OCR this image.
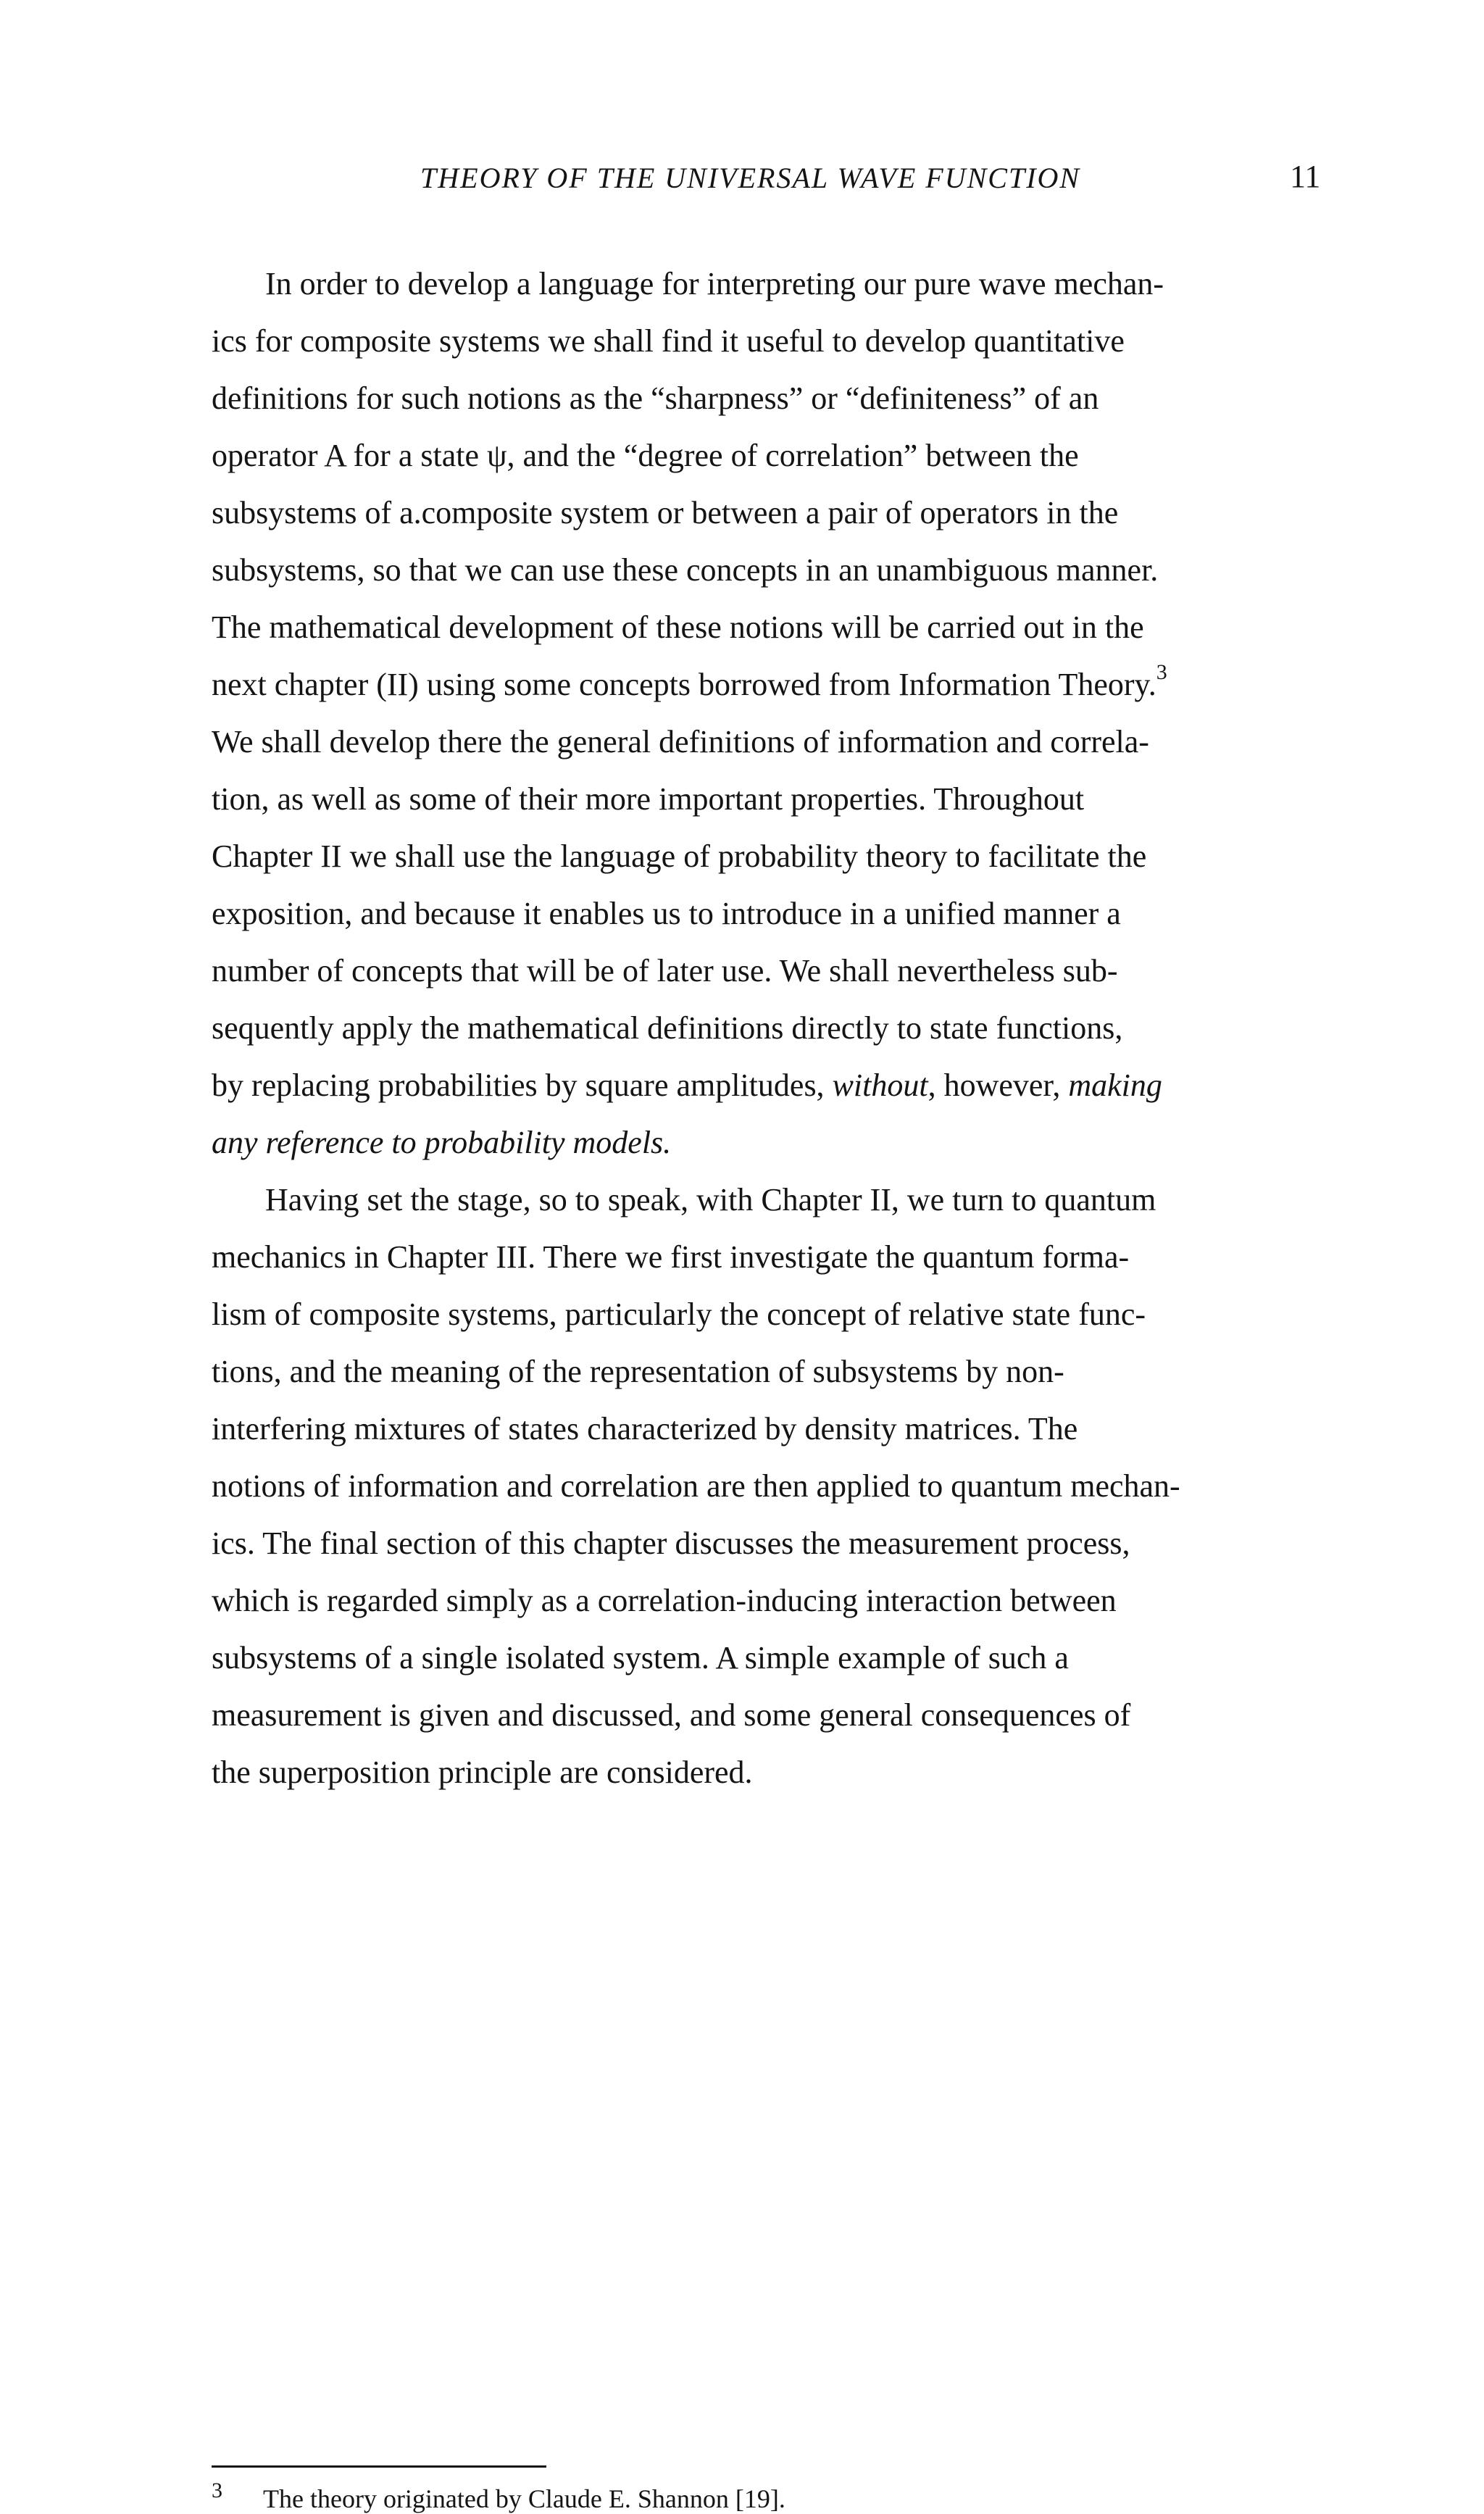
THEORY OF THE UNIVERSAL WAVE FUNCTION	11
In order to develop a language for interpreting our pure wave mechan-
ics for composite systems we shall find it useful to develop quantitative
definitions for such notions as the “sharpness” or “definiteness” of an
operator A for a state ψ, and the “degree of correlation” between the
subsystems of a.composite system or between a pair of operators in the
subsystems, so that we can use these concepts in an unambiguous manner.
The mathematical development of these notions will be carried out in the
next chapter (II) using some concepts borrowed from Information Theory.$^3$
We shall develop there the general definitions of information and correla-
tion, as well as some of their more important properties. Throughout
Chapter II we shall use the language of probability theory to facilitate the
exposition, and because it enables us to introduce in a unified manner a
number of concepts that will be of later use. We shall nevertheless sub-
sequently apply the mathematical definitions directly to state functions,
by replacing probabilities by square amplitudes, without, however, making
any reference to probability models.
Having set the stage, so to speak, with Chapter II, we turn to quantum
mechanics in Chapter III. There we first investigate the quantum forma-
lism of composite systems, particularly the concept of relative state func-
tions, and the meaning of the representation of subsystems by non-
interfering mixtures of states characterized by density matrices. The
notions of information and correlation are then applied to quantum mechan-
ics. The final section of this chapter discusses the measurement process,
which is regarded simply as a correlation-inducing interaction between
subsystems of a single isolated system. A simple example of such a
measurement is given and discussed, and some general consequences of
the superposition principle are considered.
$^3$ The theory originated by Claude E. Shannon [19].
